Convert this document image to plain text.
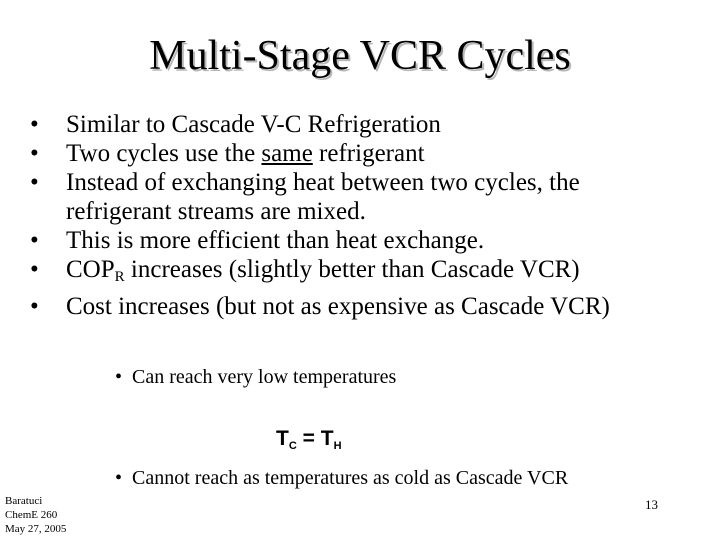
Multi-Stage VCR Cycles
• Similar to Cascade V-C Refrigeration
• Two cycles use the same refrigerant
• Instead of exchanging heat between two cycles, the
refrigerant streams are mixed.
• This is more efficient than heat exchange.
• $COP_R$ increases (slightly better than Cascade VCR)
• Cost increases (but not as expensive as Cascade VCR)
• Can reach very low temperatures
$T_C = T_H$
• Cannot reach as temperatures as cold as Cascade VCR
Baratuci
ChemE 260
May 27, 2005
13
